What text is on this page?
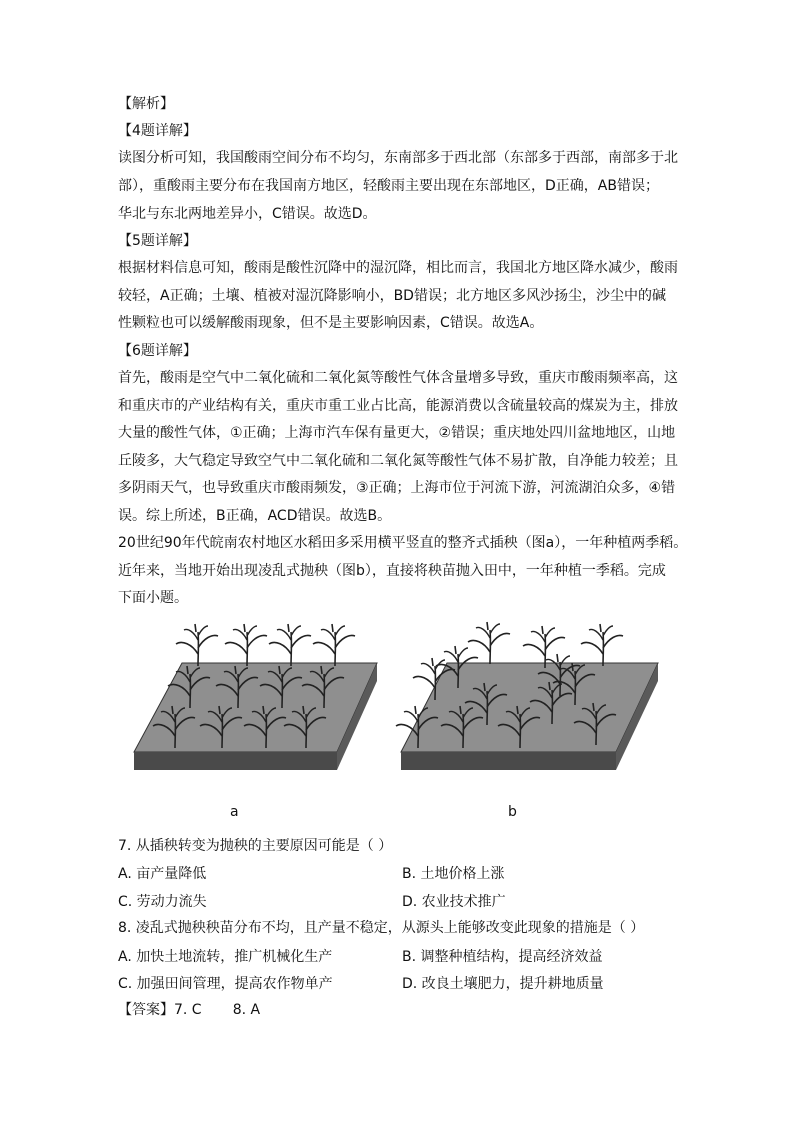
【解析】
【4题详解】
读图分析可知，我国酸雨空间分布不均匀，东南部多于西北部（东部多于西部，南部多于北
部），重酸雨主要分布在我国南方地区，轻酸雨主要出现在东部地区，D正确，AB错误；
华北与东北两地差异小，C错误。故选D。
【5题详解】
根据材料信息可知，酸雨是酸性沉降中的湿沉降，相比而言，我国北方地区降水减少，酸雨
较轻，A正确；土壤、植被对湿沉降影响小，BD错误；北方地区多风沙扬尘，沙尘中的碱
性颗粒也可以缓解酸雨现象，但不是主要影响因素，C错误。故选A。
【6题详解】
首先，酸雨是空气中二氧化硫和二氧化氮等酸性气体含量增多导致，重庆市酸雨频率高，这
和重庆市的产业结构有关，重庆市重工业占比高，能源消费以含硫量较高的煤炭为主，排放
大量的酸性气体，①正确；上海市汽车保有量更大，②错误；重庆地处四川盆地地区，山地
丘陵多，大气稳定导致空气中二氧化硫和二氧化氮等酸性气体不易扩散，自净能力较差；且
多阴雨天气，也导致重庆市酸雨频发，③正确；上海市位于河流下游，河流湖泊众多，④错
误。综上所述，B正确，ACD错误。故选B。
20世纪90年代皖南农村地区水稻田多采用横平竖直的整齐式插秧（图a），一年种植两季稻。
近年来，当地开始出现凌乱式抛秧（图b），直接将秧苗抛入田中，一年种植一季稻。完成
下面小题。
a	b
7. 从插秧转变为抛秧的主要原因可能是（ ）
A. 亩产量降低	B. 土地价格上涨
C. 劳动力流失	D. 农业技术推广
8. 凌乱式抛秧秧苗分布不均，且产量不稳定，从源头上能够改变此现象的措施是（ ）
A. 加快土地流转，推广机械化生产	B. 调整种植结构，提高经济效益
C. 加强田间管理，提高农作物单产	D. 改良土壤肥力，提升耕地质量
【答案】7. C       8. A
